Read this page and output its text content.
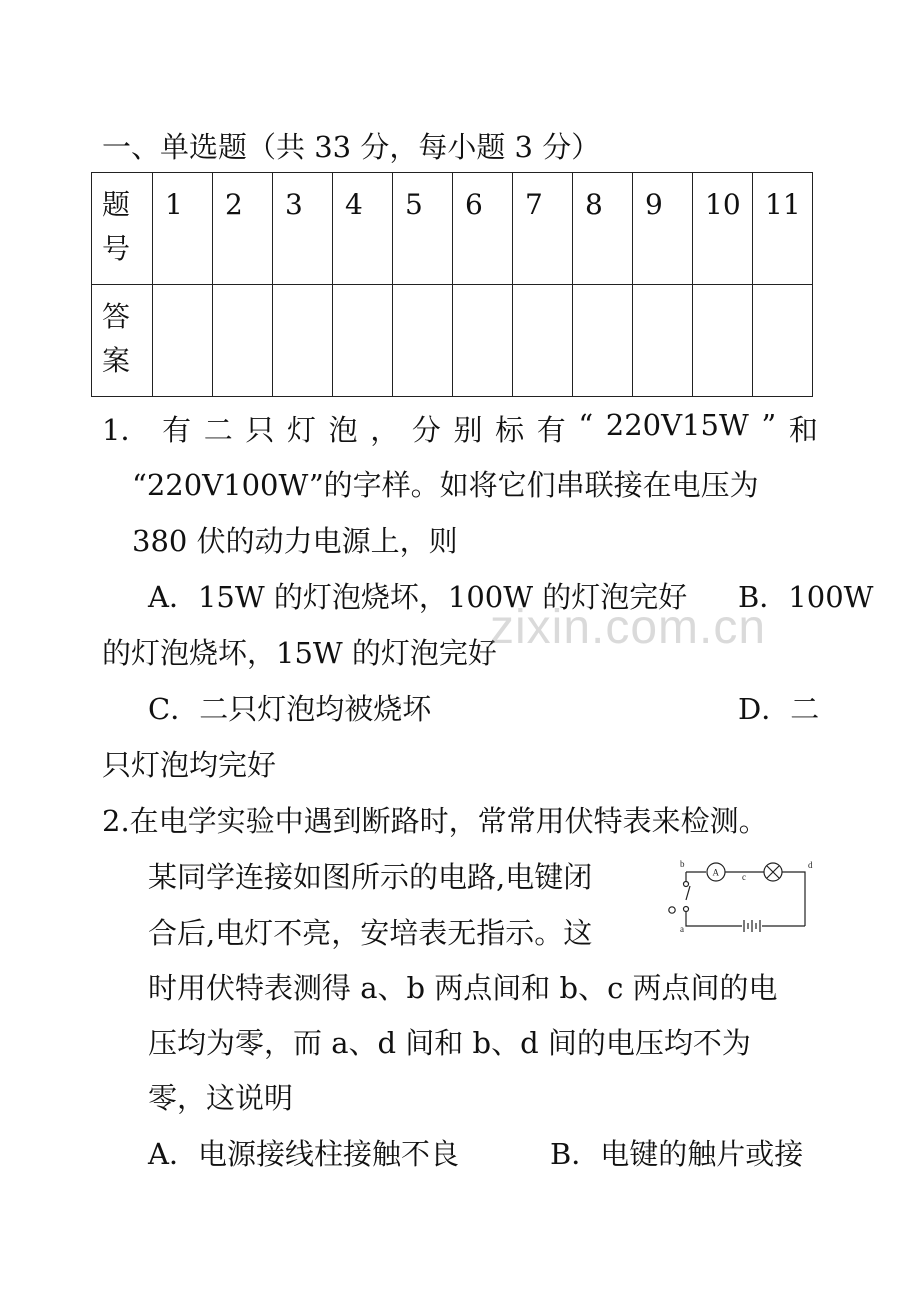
一、单选题（共 33 分，每小题 3 分）
题
号	1	2	3	4	5	6	7	8	9	10	11

答
案											

1． 有 二 只 灯 泡 ， 分 别 标 有 “ 220V15W ” 和
“220V100W”的字样。如将它们串联接在电压为
380 伏的动力电源上，则
A．15W 的灯泡烧坏，100W 的灯泡完好 B．100W
的灯泡烧坏，15W 的灯泡完好
C．二只灯泡均被烧坏	D．二
只灯泡均完好
zixin.com.cn
2.在电学实验中遇到断路时，常常用伏特表来检测。
某同学连接如图所示的电路,电键闭
合后,电灯不亮，安培表无指示。这
时用伏特表测得 a、b 两点间和 b、c 两点间的电
压均为零，而 a、d 间和 b、d 间的电压均不为
零，这说明
A．电源接线柱接触不良	B．电键的触片或接
b
a
c
d
A
